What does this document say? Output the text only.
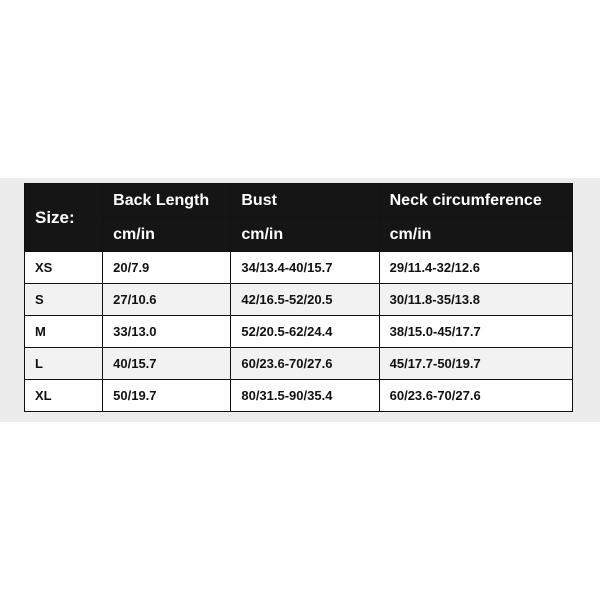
Size:	Back Length	Bust	Neck circumference
	cm/in	cm/in	cm/in
XS	20/7.9	34/13.4-40/15.7	29/11.4-32/12.6
S	27/10.6	42/16.5-52/20.5	30/11.8-35/13.8
M	33/13.0	52/20.5-62/24.4	38/15.0-45/17.7
L	40/15.7	60/23.6-70/27.6	45/17.7-50/19.7
XL	50/19.7	80/31.5-90/35.4	60/23.6-70/27.6
